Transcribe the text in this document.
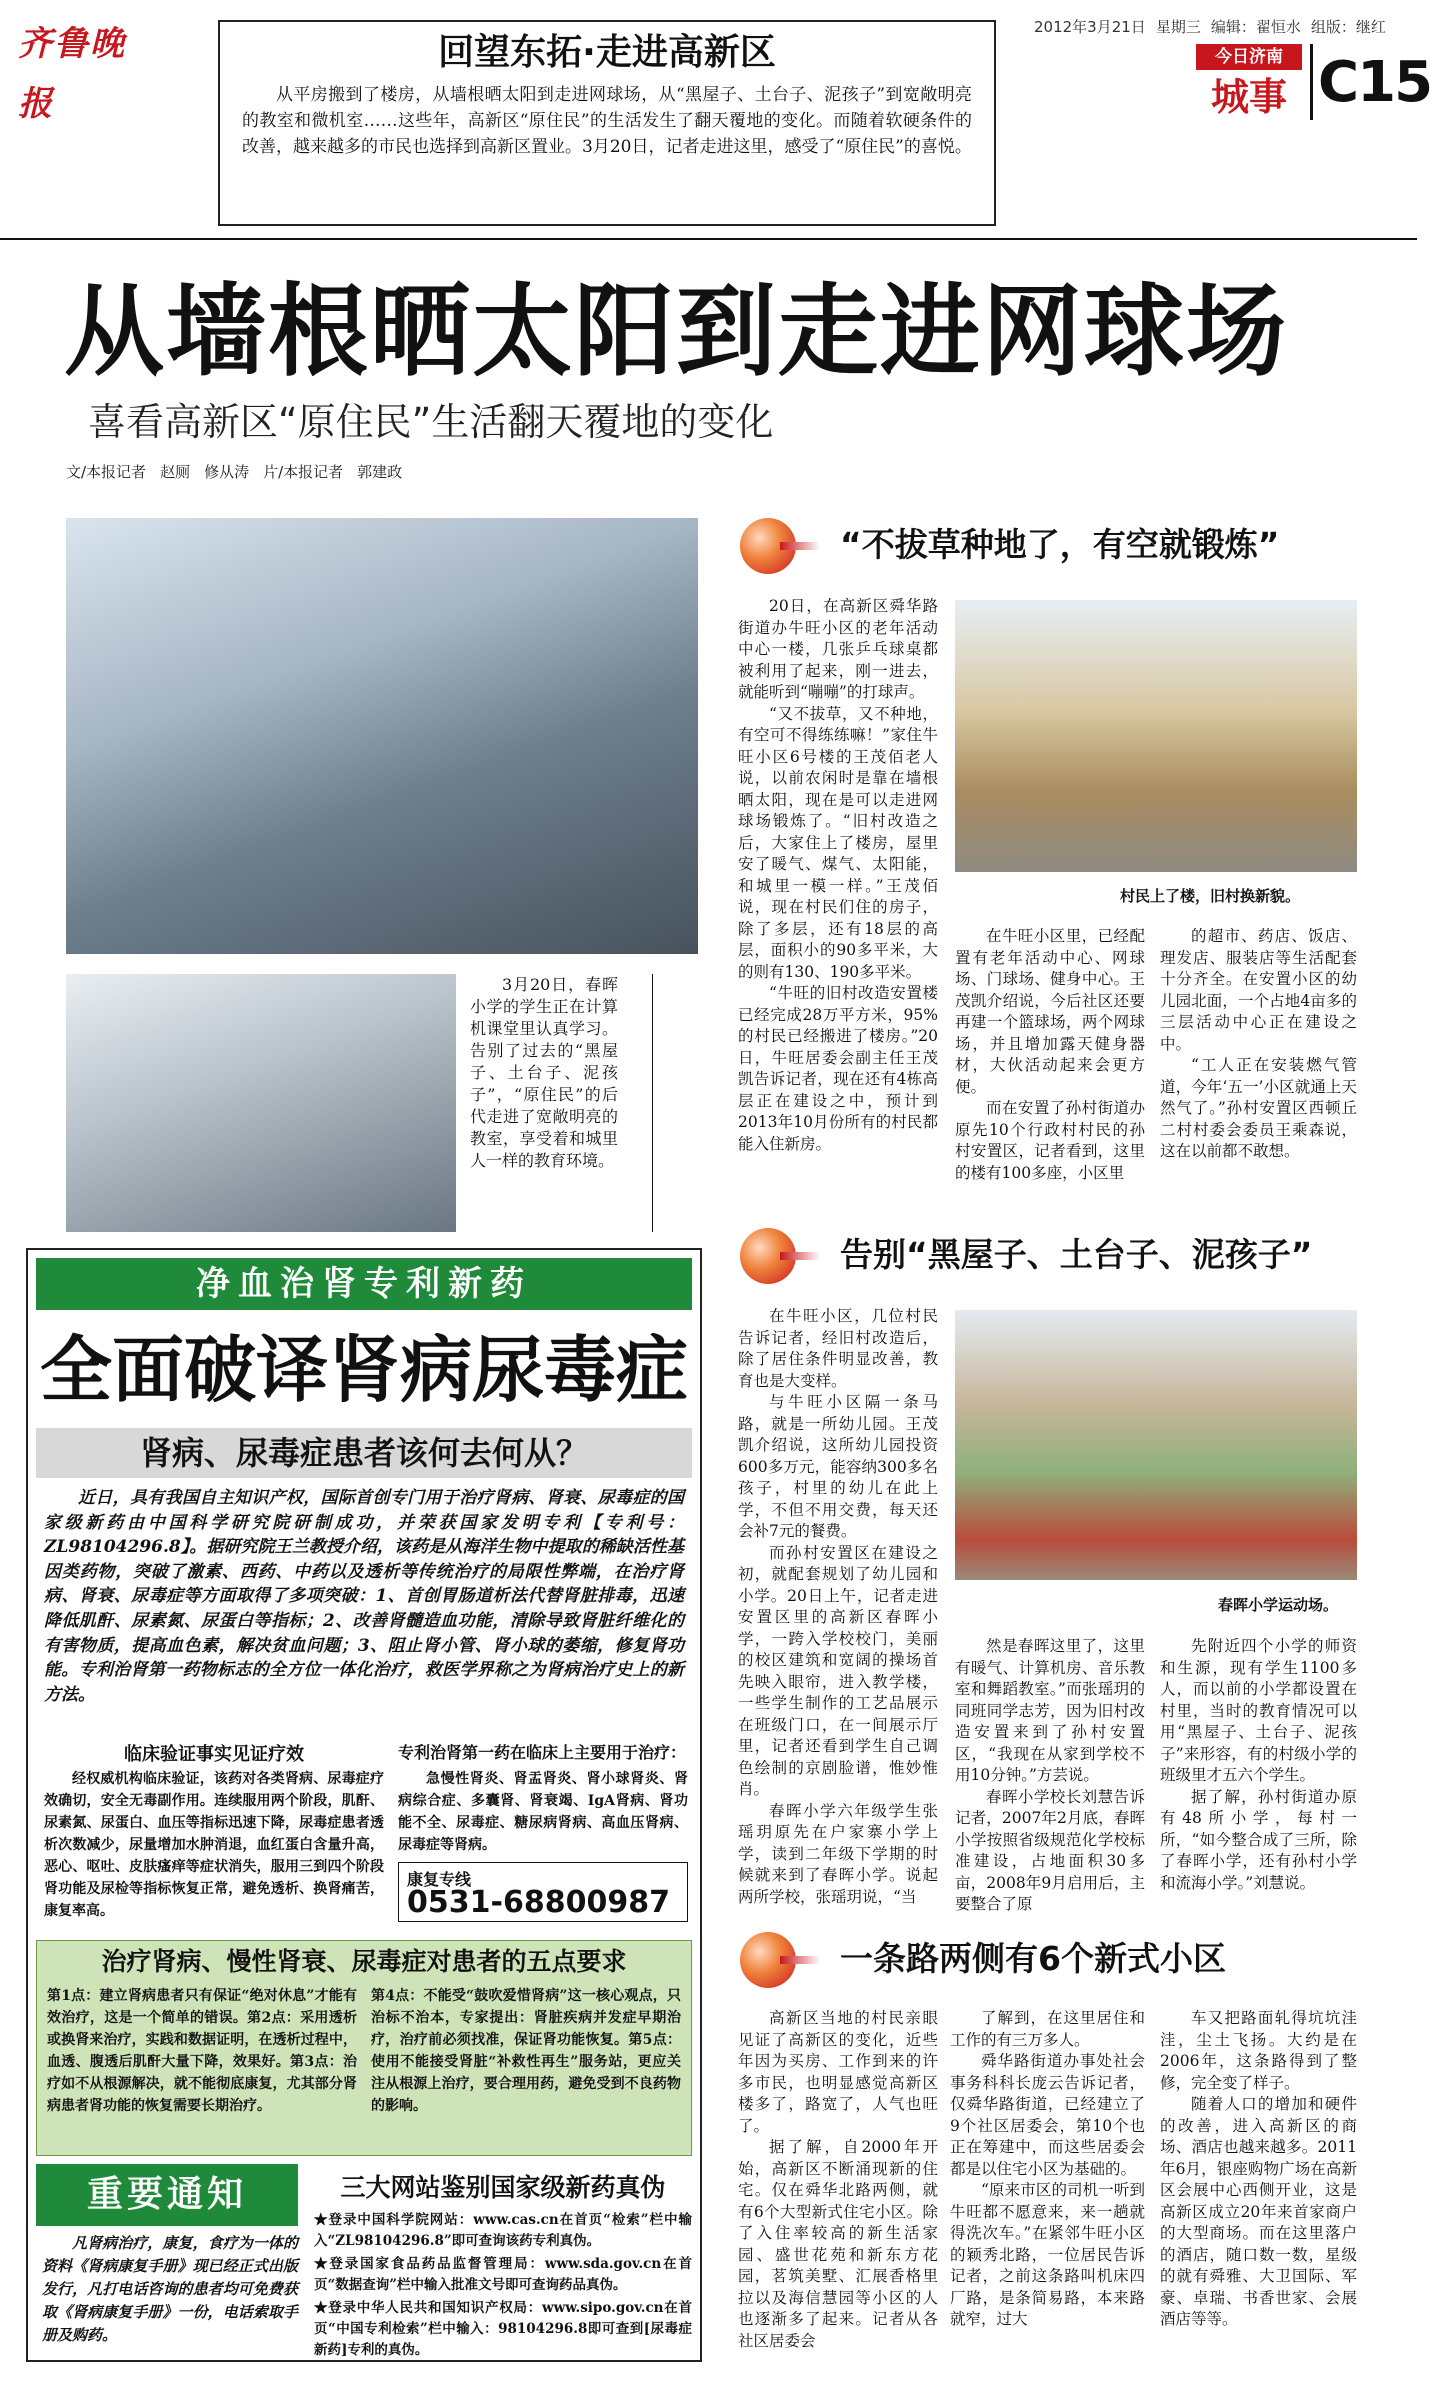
齐鲁晚报
回望东拓·走进高新区
从平房搬到了楼房，从墙根晒太阳到走进网球场，从“黑屋子、土台子、泥孩子”到宽敞明亮的教室和微机室……这些年，高新区“原住民”的生活发生了翻天覆地的变化。而随着软硬条件的改善，越来越多的市民也选择到高新区置业。3月20日，记者走进这里，感受了“原住民”的喜悦。
2012年3月21日 星期三 编辑：翟恒水 组版：继红
今日济南
城事 C15
从墙根晒太阳到走进网球场
喜看高新区“原住民”生活翻天覆地的变化
文/本报记者 赵厕 修从涛 片/本报记者 郭建政
3月20日，春晖小学的学生正在计算机课堂里认真学习。告别了过去的“黑屋子、土台子、泥孩子”，“原住民”的后代走进了宽敞明亮的教室，享受着和城里人一样的教育环境。
“不拔草种地了，有空就锻炼”

20日，在高新区舜华路街道办牛旺小区的老年活动中心一楼，几张乒乓球桌都被利用了起来，刚一进去，就能听到“嘣嘣”的打球声。

“又不拔草，又不种地，有空可不得练练嘛！”家住牛旺小区6号楼的王茂佰老人说，以前农闲时是靠在墙根晒太阳，现在是可以走进网球场锻炼了。“旧村改造之后，大家住上了楼房，屋里安了暖气、煤气、太阳能，和城里一模一样。”王茂佰说，现在村民们住的房子，除了多层，还有18层的高层，面积小的90多平米，大的则有130、190多平米。

“牛旺的旧村改造安置楼已经完成28万平方米，95%的村民已经搬进了楼房。”20日，牛旺居委会副主任王茂凯告诉记者，现在还有4栋高层正在建设之中，预计到2013年10月份所有的村民都能入住新房。

村民上了楼，旧村换新貌。

在牛旺小区里，已经配置有老年活动中心、网球场、门球场、健身中心。王茂凯介绍说，今后社区还要再建一个篮球场，两个网球场，并且增加露天健身器材，大伙活动起来会更方便。

而在安置了孙村街道办原先10个行政村村民的孙村安置区，记者看到，这里的楼有100多座，小区里

的超市、药店、饭店、理发店、服装店等生活配套十分齐全。在安置小区的幼儿园北面，一个占地4亩多的三层活动中心正在建设之中。

“工人正在安装燃气管道，今年‘五一’小区就通上天然气了。”孙村安置区西顿丘二村村委会委员王乘森说，这在以前都不敢想。

告别“黑屋子、土台子、泥孩子”

在牛旺小区，几位村民告诉记者，经旧村改造后，除了居住条件明显改善，教育也是大变样。

与牛旺小区隔一条马路，就是一所幼儿园。王茂凯介绍说，这所幼儿园投资600多万元，能容纳300多名孩子，村里的幼儿在此上学，不但不用交费，每天还会补7元的餐费。

而孙村安置区在建设之初，就配套规划了幼儿园和小学。20日上午，记者走进安置区里的高新区春晖小学，一跨入学校校门，美丽的校区建筑和宽阔的操场首先映入眼帘，进入教学楼，一些学生制作的工艺品展示在班级门口，在一间展示厅里，记者还看到学生自己调色绘制的京剧脸谱，惟妙惟肖。

春晖小学六年级学生张瑶玥原先在户家寨小学上学，读到二年级下学期的时候就来到了春晖小学。说起两所学校，张瑶玥说，“当

春晖小学运动场。

然是春晖这里了，这里有暖气、计算机房、音乐教室和舞蹈教室。”而张瑶玥的同班同学志芳，因为旧村改造安置来到了孙村安置区，“我现在从家到学校不用10分钟。”方芸说。

春晖小学校长刘慧告诉记者，2007年2月底，春晖小学按照省级规范化学校标准建设，占地面积30多亩，2008年9月启用后，主要整合了原

先附近四个小学的师资和生源，现有学生1100多人，而以前的小学都设置在村里，当时的教育情况可以用“黑屋子、土台子、泥孩子”来形容，有的村级小学的班级里才五六个学生。

据了解，孙村街道办原有48所小学，每村一所，“如今整合成了三所，除了春晖小学，还有孙村小学和流海小学。”刘慧说。

一条路两侧有6个新式小区

高新区当地的村民亲眼见证了高新区的变化，近些年因为买房、工作到来的许多市民，也明显感觉高新区楼多了，路宽了，人气也旺了。

据了解，自2000年开始，高新区不断涌现新的住宅。仅在舜华北路两侧，就有6个大型新式住宅小区。除了入住率较高的新生活家园、盛世花苑和新东方花园，茗筑美墅、汇展香格里拉以及海信慧园等小区的人也逐渐多了起来。记者从各社区居委会

了解到，在这里居住和工作的有三万多人。

舜华路街道办事处社会事务科科长庞云告诉记者，仅舜华路街道，已经建立了9个社区居委会，第10个也正在筹建中，而这些居委会都是以住宅小区为基础的。

“原来市区的司机一听到牛旺都不愿意来，来一趟就得洗次车。”在紧邻牛旺小区的颖秀北路，一位居民告诉记者，之前这条路叫机床四厂路，是条简易路，本来路就窄，过大

车又把路面轧得坑坑洼洼，尘土飞扬。大约是在2006年，这条路得到了整修，完全变了样子。

随着人口的增加和硬件的改善，进入高新区的商场、酒店也越来越多。2011年6月，银座购物广场在高新区会展中心西侧开业，这是高新区成立20年来首家商户的大型商场。而在这里落户的酒店，随口数一数，星级的就有舜雅、大卫国际、军豪、卓瑞、书香世家、会展酒店等等。

净血治肾专利新药
全面破译肾病尿毒症
肾病、尿毒症患者该何去何从？
近日，具有我国自主知识产权，国际首创专门用于治疗肾病、肾衰、尿毒症的国家级新药由中国科学研究院研制成功，并荣获国家发明专利【专利号：ZL98104296.8】。据研究院王兰教授介绍，该药是从海洋生物中提取的稀缺活性基因类药物，突破了激素、西药、中药以及透析等传统治疗的局限性弊端，在治疗肾病、肾衰、尿毒症等方面取得了多项突破：1、首创胃肠道析法代替肾脏排毒，迅速降低肌酐、尿素氮、尿蛋白等指标；2、改善肾髓造血功能，清除导致肾脏纤维化的有害物质，提高血色素，解决贫血问题；3、阻止肾小管、肾小球的萎缩，修复肾功能。专利治肾第一药物标志的全方位一体化治疗，救医学界称之为肾病治疗史上的新方法。
临床验证事实见证疗效	专利治肾第一药在临床上主要用于治疗：
经权威机构临床验证，该药对各类肾病、尿毒症疗效确切，安全无毒副作用。连续服用两个阶段，肌酐、尿素氮、尿蛋白、血压等指标迅速下降，尿毒症患者透析次数减少，尿量增加水肿消退，血红蛋白含量升高，恶心、呕吐、皮肤瘙痒等症状消失，服用三到四个阶段肾功能及尿检等指标恢复正常，避免透析、换肾痛苦，康复率高。
急慢性肾炎、肾盂肾炎、肾小球肾炎、肾病综合症、多囊肾、肾衰竭、IgA肾病、肾功能不全、尿毒症、糖尿病肾病、高血压肾病、尿毒症等肾病。
康复专线
0531-68800987
治疗肾病、慢性肾衰、尿毒症对患者的五点要求
第1点：建立肾病患者只有保证“绝对休息”才能有效治疗，这是一个简单的错误。第2点：采用透析或换肾来治疗，实践和数据证明，在透析过程中，血透、腹透后肌酐大量下降，效果好。第3点：治疗如不从根源解决，就不能彻底康复，尤其部分肾病患者肾功能的恢复需要长期治疗。
第4点：不能受“鼓吹爱惜肾病”这一核心观点，只治标不治本，专家提出：肾脏疾病并发症早期治疗，治疗前必须找准，保证肾功能恢复。第5点：使用不能接受肾脏“补救性再生”服务站，更应关注从根源上治疗，要合理用药，避免受到不良药物的影响。
重要通知
凡肾病治疗，康复，食疗为一体的资料《肾病康复手册》现已经正式出版发行，凡打电话咨询的患者均可免费获取《肾病康复手册》一份，电话索取手册及购药。
三大网站鉴别国家级新药真伪

★登录中国科学院网站：www.cas.cn在首页“检索”栏中输入“ZL98104296.8”即可查询该药专利真伪。

★登录国家食品药品监督管理局：www.sda.gov.cn在首页“数据查询”栏中输入批准文号即可查询药品真伪。

★登录中华人民共和国知识产权局：www.sipo.gov.cn在首页“中国专利检索”栏中输入：98104296.8即可查到[尿毒症新药]专利的真伪。
